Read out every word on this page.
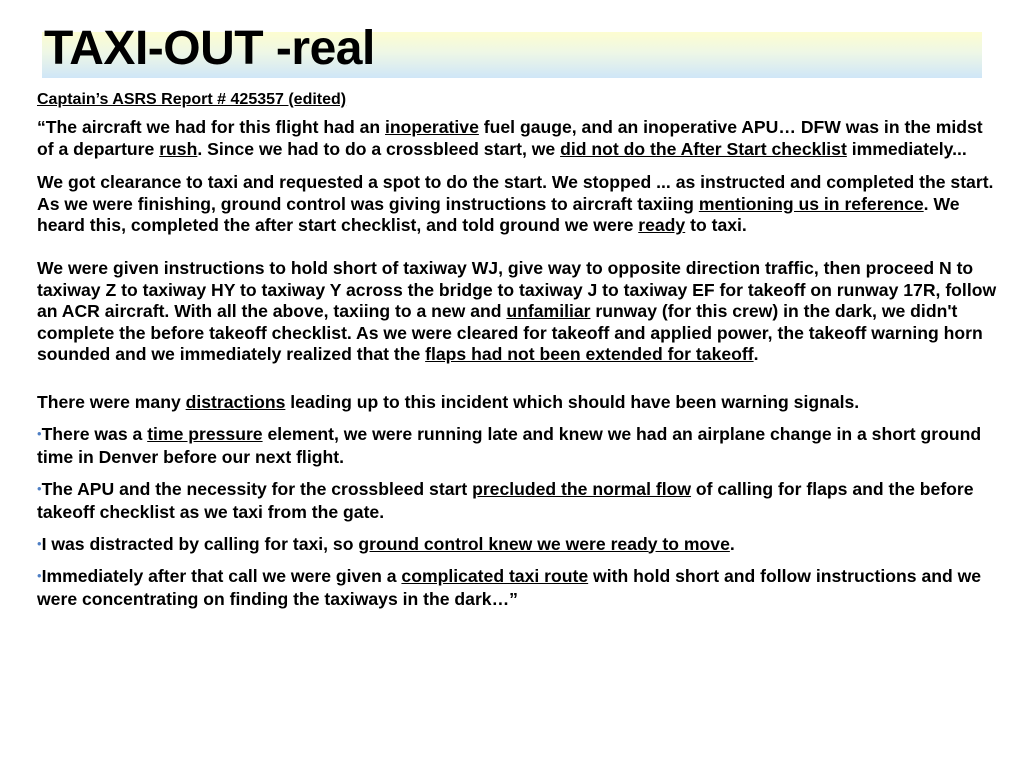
TAXI-OUT -real

Captain’s ASRS Report # 425357 (edited)

“The aircraft we had for this flight had an inoperative fuel gauge, and an inoperative APU… DFW was in the midst of a departure rush. Since we had to do a crossbleed start, we did not do the After Start checklist immediately...

We got clearance to taxi and requested a spot to do the start. We stopped ... as instructed and completed the start. As we were finishing, ground control was giving instructions to aircraft taxiing mentioning us in reference. We heard this, completed the after start checklist, and told ground we were ready to taxi.

We were given instructions to hold short of taxiway WJ, give way to opposite direction traffic, then proceed N to taxiway Z to taxiway HY to taxiway Y across the bridge to taxiway J to taxiway EF for takeoff on runway 17R, follow an ACR aircraft. With all the above, taxiing to a new and unfamiliar runway (for this crew) in the dark, we didn't complete the before takeoff checklist. As we were cleared for takeoff and applied power, the takeoff warning horn sounded and we immediately realized that the flaps had not been extended for takeoff.

There were many distractions leading up to this incident which should have been warning signals.

•There was a time pressure element, we were running late and knew we had an airplane change in a short ground time in Denver before our next flight.
•The APU and the necessity for the crossbleed start precluded the normal flow of calling for flaps and the before takeoff checklist as we taxi from the gate.
•I was distracted by calling for taxi, so ground control knew we were ready to move.
•Immediately after that call we were given a complicated taxi route with hold short and follow instructions and we were concentrating on finding the taxiways in the dark…”
